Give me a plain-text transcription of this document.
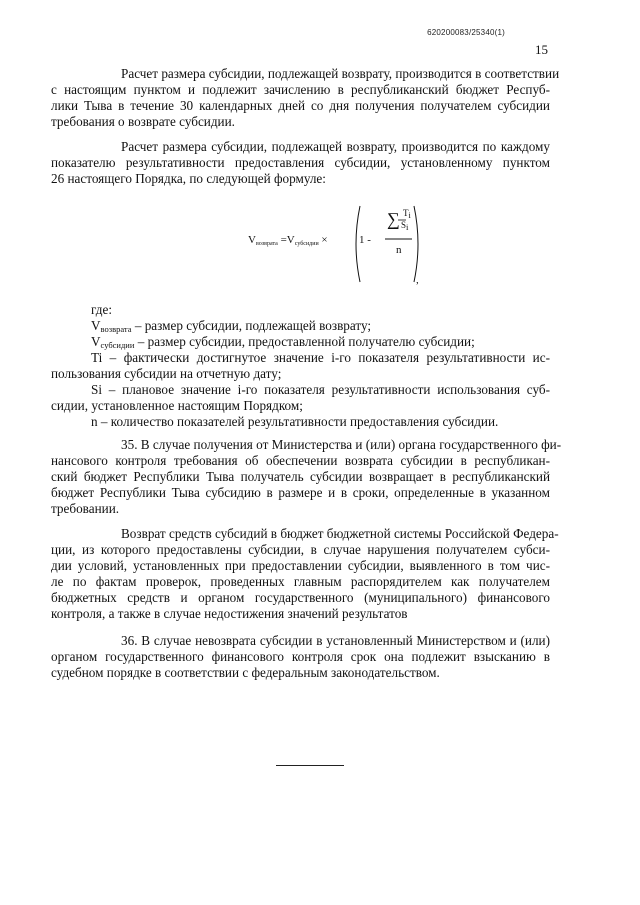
620200083/25340(1)
15
Расчет размера субсидии, подлежащей возврату, производится в соответствии
с настоящим пунктом и подлежит зачислению в республиканский бюджет Респуб-
лики Тыва в течение 30 календарных дней со дня получения получателем субсидии
требования о возврате субсидии.
Расчет размера субсидии, подлежащей возврату, производится по каждому
показателю результативности предоставления субсидии, установленному пунктом
26 настоящего Порядка, по следующей формуле:
$V_{возврата} =V_{субсидии}$ ×	1 -
∑ $T_i$
$S_i$
n
,
где:
$V_{возврата}$ – размер субсидии, подлежащей возврату;
$V_{субсидии}$ – размер субсидии, предоставленной получателю субсидии;
Ti – фактически достигнутое значение i-го показателя результативности ис-
пользования субсидии на отчетную дату;
Si – плановое значение i-го показателя результативности использования суб-
сидии, установленное настоящим Порядком;
n – количество показателей результативности предоставления субсидии.
35. В случае получения от Министерства и (или) органа государственного фи-
нансового контроля требования об обеспечении возврата субсидии в республикан-
ский бюджет Республики Тыва получатель субсидии возвращает в республиканский
бюджет Республики Тыва субсидию в размере и в сроки, определенные в указанном
требовании.
Возврат средств субсидий в бюджет бюджетной системы Российской Федера-
ции, из которого предоставлены субсидии, в случае нарушения получателем субси-
дии условий, установленных при предоставлении субсидии, выявленного в том чис-
ле по фактам проверок, проведенных главным распорядителем как получателем
бюджетных средств и органом государственного (муниципального) финансового
контроля, а также в случае недостижения значений результатов
36. В случае невозврата субсидии в установленный Министерством и (или)
органом государственного финансового контроля срок она подлежит взысканию в
судебном порядке в соответствии с федеральным законодательством.
